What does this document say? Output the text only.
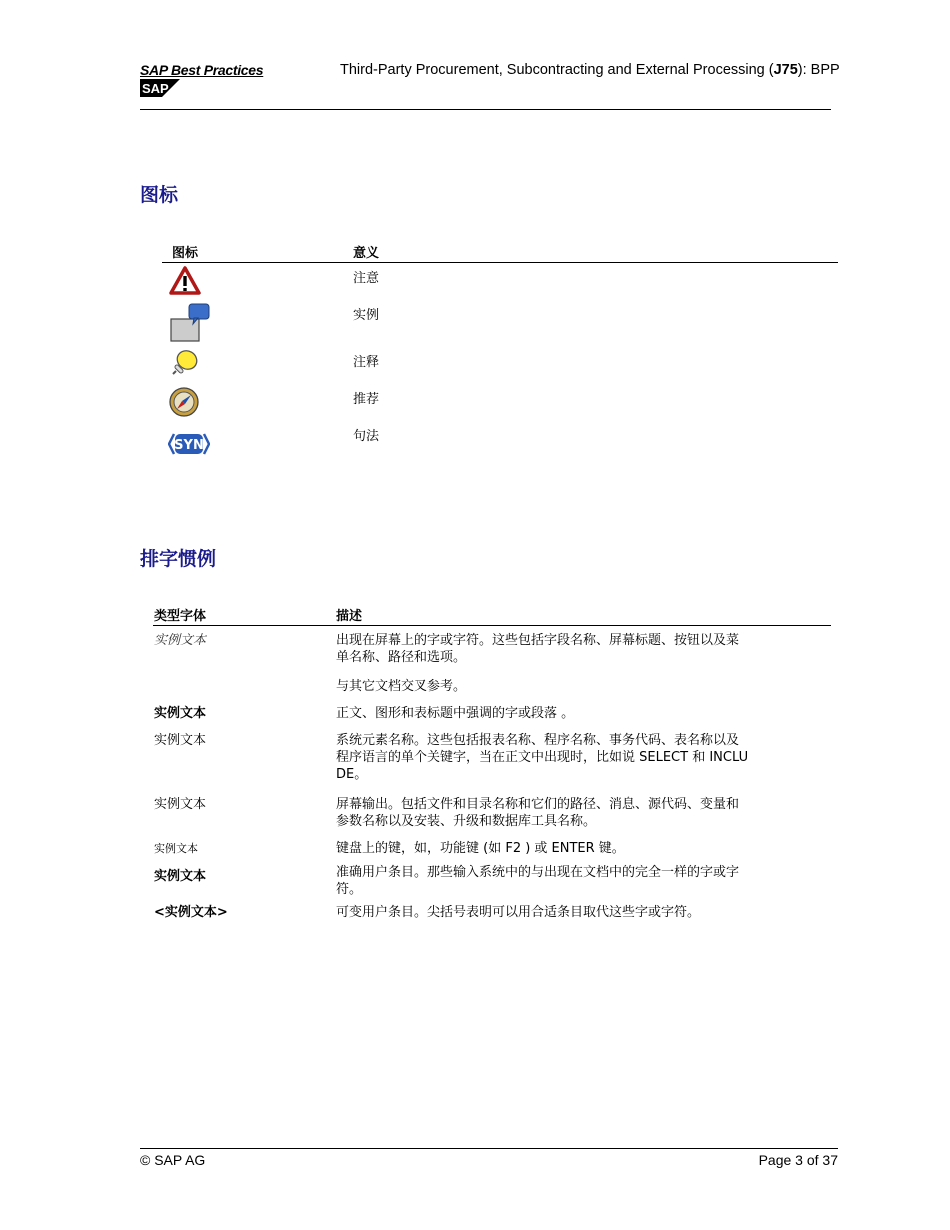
SAP Best Practices
SAP
Third-Party Procurement, Subcontracting and External Processing (J75): BPP
图标
图标	意义
注意
实例
注释
推荐
SYN
句法
排字惯例
类型字体	描述
实例文本	出现在屏幕上的字或字符。这些包括字段名称、屏幕标题、按钮以及菜
单名称、路径和选项。
与其它文档交叉参考。
实例文本	正文、图形和表标题中强调的字或段落 。
实例文本	系统元素名称。这些包括报表名称、程序名称、事务代码、表名称以及
程序语言的单个关键字，当在正文中出现时，比如说 SELECT 和 INCLU
DE。
实例文本	屏幕输出。包括文件和目录名称和它们的路径、消息、源代码、变量和
参数名称以及安装、升级和数据库工具名称。
实例文本	键盘上的键，如，功能键 (如 F2 ) 或 ENTER 键。
实例文本	准确用户条目。那些输入系统中的与出现在文档中的完全一样的字或字
符。
<实例文本>	可变用户条目。尖括号表明可以用合适条目取代这些字或字符。
© SAP AG	Page 3 of 37
